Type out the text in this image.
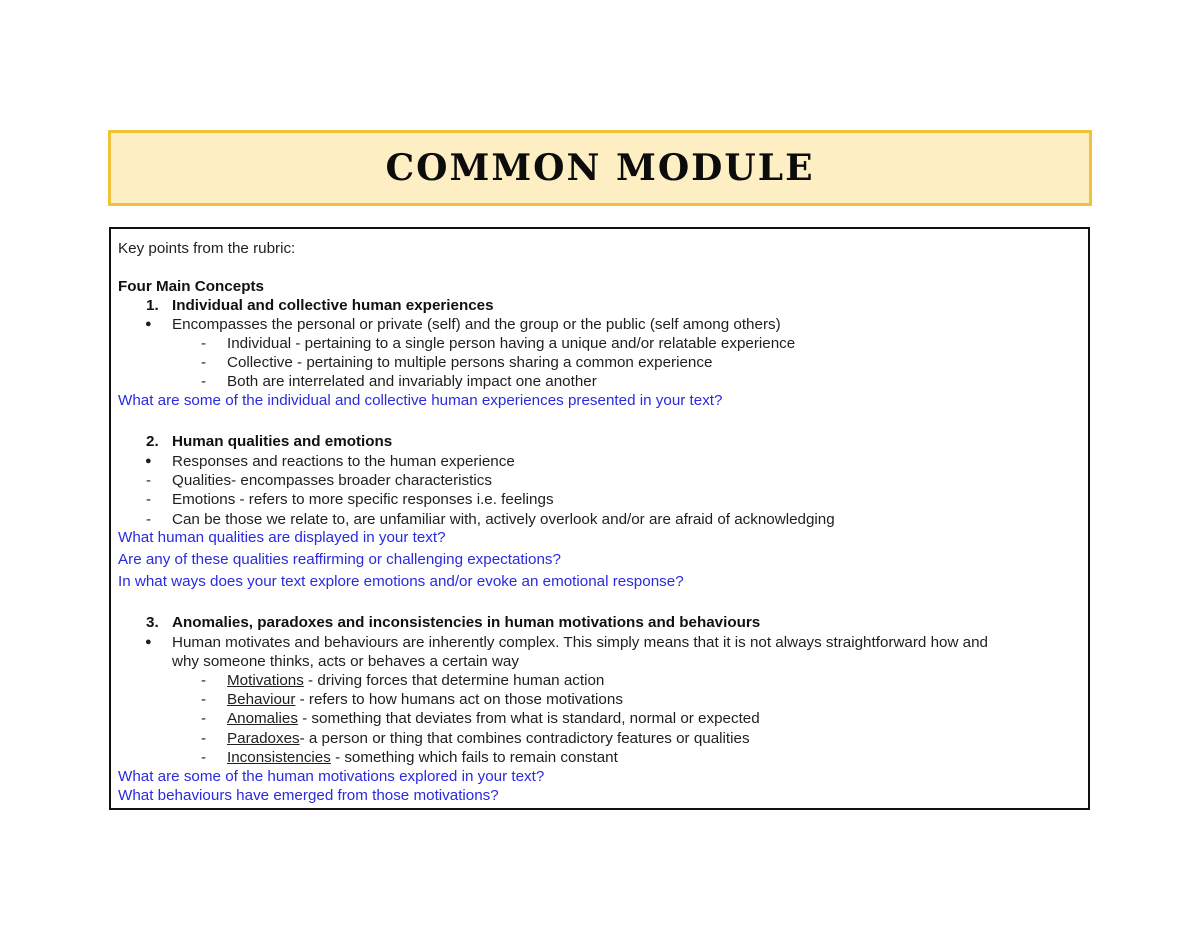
COMMON MODULE
Key points from the rubric:
Four Main Concepts
1. Individual and collective human experiences
● Encompasses the personal or private (self) and the group or the public (self among others)
- Individual - pertaining to a single person having a unique and/or relatable experience
- Collective - pertaining to multiple persons sharing a common experience
- Both are interrelated and invariably impact one another
What are some of the individual and collective human experiences presented in your text?
2. Human qualities and emotions
● Responses and reactions to the human experience
- Qualities- encompasses broader characteristics
- Emotions - refers to more specific responses i.e. feelings
- Can be those we relate to, are unfamiliar with, actively overlook and/or are afraid of acknowledging
What human qualities are displayed in your text?
Are any of these qualities reaffirming or challenging expectations?
In what ways does your text explore emotions and/or evoke an emotional response?
3. Anomalies, paradoxes and inconsistencies in human motivations and behaviours
● Human motivates and behaviours are inherently complex. This simply means that it is not always straightforward how and
why someone thinks, acts or behaves a certain way
- Motivations - driving forces that determine human action
- Behaviour - refers to how humans act on those motivations
- Anomalies - something that deviates from what is standard, normal or expected
- Paradoxes- a person or thing that combines contradictory features or qualities
- Inconsistencies - something which fails to remain constant
What are some of the human motivations explored in your text?
What behaviours have emerged from those motivations?
